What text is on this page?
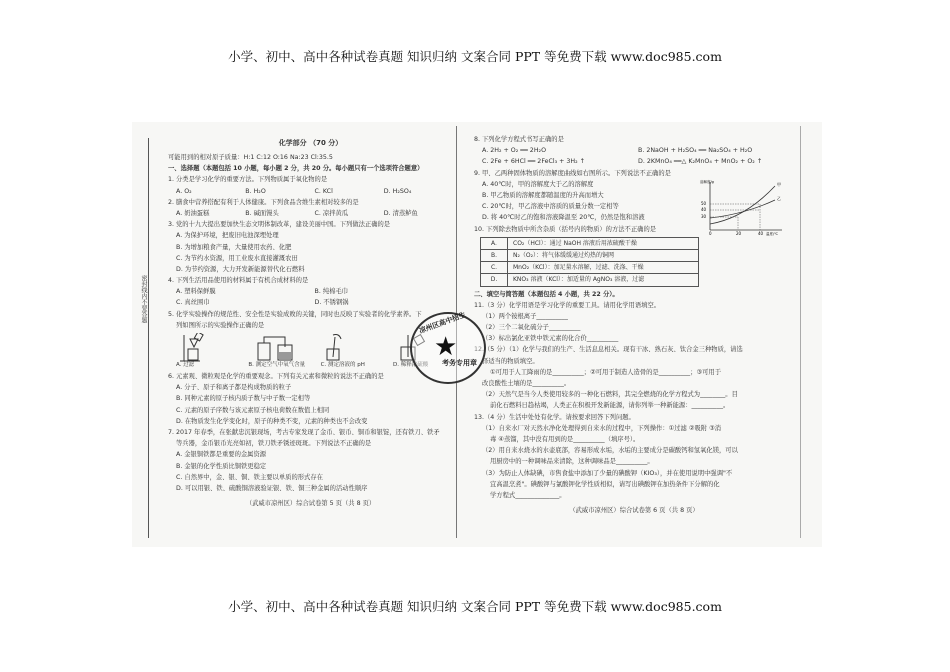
小学、初中、高中各种试卷真题 知识归纳 文案合同 PPT 等免费下载 www.doc985.com
密封线内不要答题
化学部分 （70 分）
可能用到的相对原子质量：H:1 C:12 O:16 Na:23 Cl:35.5
一、选择题（本题包括 10 小题，每小题 2 分，共 20 分。每小题只有一个选项符合题意）
1. 分类是学习化学的重要方法。下列物质属于氧化物的是
A. O₂	B. H₂O	C. KCl	D. H₂SO₄
2. 膳食中营养搭配有利于人体健康。下列食品含维生素相对较多的是
A. 奶油蛋糕	B. 碱面馒头	C. 凉拌黄瓜	D. 清蒸鲈鱼
3. 党的十九大提出要加快生态文明体制改革，建设美丽中国。下列做法正确的是
A. 为保护环境，把废旧电池深埋处理
B. 为增加粮食产量，大量使用农药、化肥
C. 为节约水资源，用工业废水直接灌溉农田
D. 为节约资源，大力开发新能源替代化石燃料
4. 下列生活用品使用的材料属于有机合成材料的是
A. 塑料保鲜膜	B. 纯棉毛巾
C. 真丝围巾	D. 不锈钢锅
5. 化学实验操作的规范性、安全性是实验成败的关键，同时也反映了实验者的化学素养。下
列如图所示的实验操作正确的是
A. 过滤	B. 测定空气中氧气含量	C. 测定溶液的 pH	D. 稀释浓硫酸
6. 元素观、微粒观是化学的重要观念。下列有关元素和微粒的说法不正确的是
A. 分子、原子和离子都是构成物质的粒子
B. 同种元素的原子核内质子数与中子数一定相等
C. 元素的原子序数与该元素原子核电荷数在数值上相同
D. 在物质发生化学变化时，原子的种类不变，元素的种类也不会改变
7. 2017 年春季，在张献忠沉银现场，考古专家发现了金币、银币、铜币和银锭，还有铁刀、铁矛
等兵器，金币银币光亮如初，铁刀铁矛锈迹斑斑。下列说法不正确的是
A. 金银铜铁都是重要的金属资源
B. 金银的化学性质比铜铁更稳定
C. 自然界中，金、银、铜、铁主要以单质的形式存在
D. 可以用银、铁、硫酸铜溶液验证银、铁、铜三种金属的活动性顺序
（武威市凉州区）综合试卷第 5 页（共 8 页）
8. 下列化学方程式书写正确的是
A. 2H₂ + O₂ ══ 2H₂O	B. 2NaOH + H₂SO₄ ══ Na₂SO₄ + H₂O
C. 2Fe + 6HCl ══ 2FeCl₃ + 3H₂ ↑	D. 2KMnO₄ ══△ K₂MnO₄ + MnO₂ + O₂ ↑
9. 甲、乙两种固体物质的溶解度曲线如右图所示。下列说法不正确的是
A. 40℃时，甲的溶解度大于乙的溶解度
B. 甲乙物质的溶解度都随温度的升高而增大
C. 20℃时，甲乙溶液中溶质的质量分数一定相等
D. 将 40℃时乙的饱和溶液降温至 20℃，仍然是饱和溶液
10. 下列除去物质中所含杂质（括号内的物质）的方法不正确的是
A.	CO₂（HCl）：通过 NaOH 溶液后用浓硫酸干燥
B.	N₂（O₂）：将气体缓缓通过灼热的铜网
C.	MnO₂（KCl）：加足量水溶解，过滤、洗涤、干燥
D.	KNO₃ 溶液（KCl）：加适量的 AgNO₃ 溶液，过滤
二、填空与简答题（本题包括 4 小题，共 22 分）。
11.（3 分）化学用语是学习化学的重要工具。请用化学用语填空。
（1）两个铵根离子__________
（2）三个二氧化硫分子__________
（3）标出氯化亚铁中铁元素的化合价__________
12.（5 分）（1）化学与我们的生产、生活息息相关。现有干冰、熟石灰、钛合金三种物质，请选
择适当的物质填空。
①可用于人工降雨的是__________；②可用于制造人造骨的是__________；③可用于
改良酸性土壤的是__________。
（2）天然气是当今人类使用较多的一种化石燃料，其完全燃烧的化学方程式为________。目
前化石燃料日趋枯竭，人类正在积极开发新能源，请你列举一种新能源：__________。
13.（4 分）生活中处处有化学。请按要求回答下列问题。
（1）自来水厂对天然水净化处理得到自来水的过程中，下列操作：①过滤 ②吸附 ③消
毒 ④蒸馏，其中没有用到的是__________（填序号）。
（2）用自来水烧水的水壶底部，容易形成水垢，水垢的主要成分是碳酸钙和氢氧化镁，可以
用厨房中的一种调味品来清除，这种调味品是__________。
（3）为防止人体缺碘，市售食盐中添加了少量的碘酸钾（KIO₃），并在使用说明中强调"不
宜高温烹煮"。碘酸钾与氯酸钾化学性质相似，请写出碘酸钾在加热条件下分解的化
学方程式______________。
（武威市凉州区）综合试卷第 6 页（共 8 页）
50
40
30
0	20	40 温度/℃
溶解度/g	甲
乙
凉州区高中招生
★
考务专用章
小学、初中、高中各种试卷真题 知识归纳 文案合同 PPT 等免费下载 www.doc985.com
